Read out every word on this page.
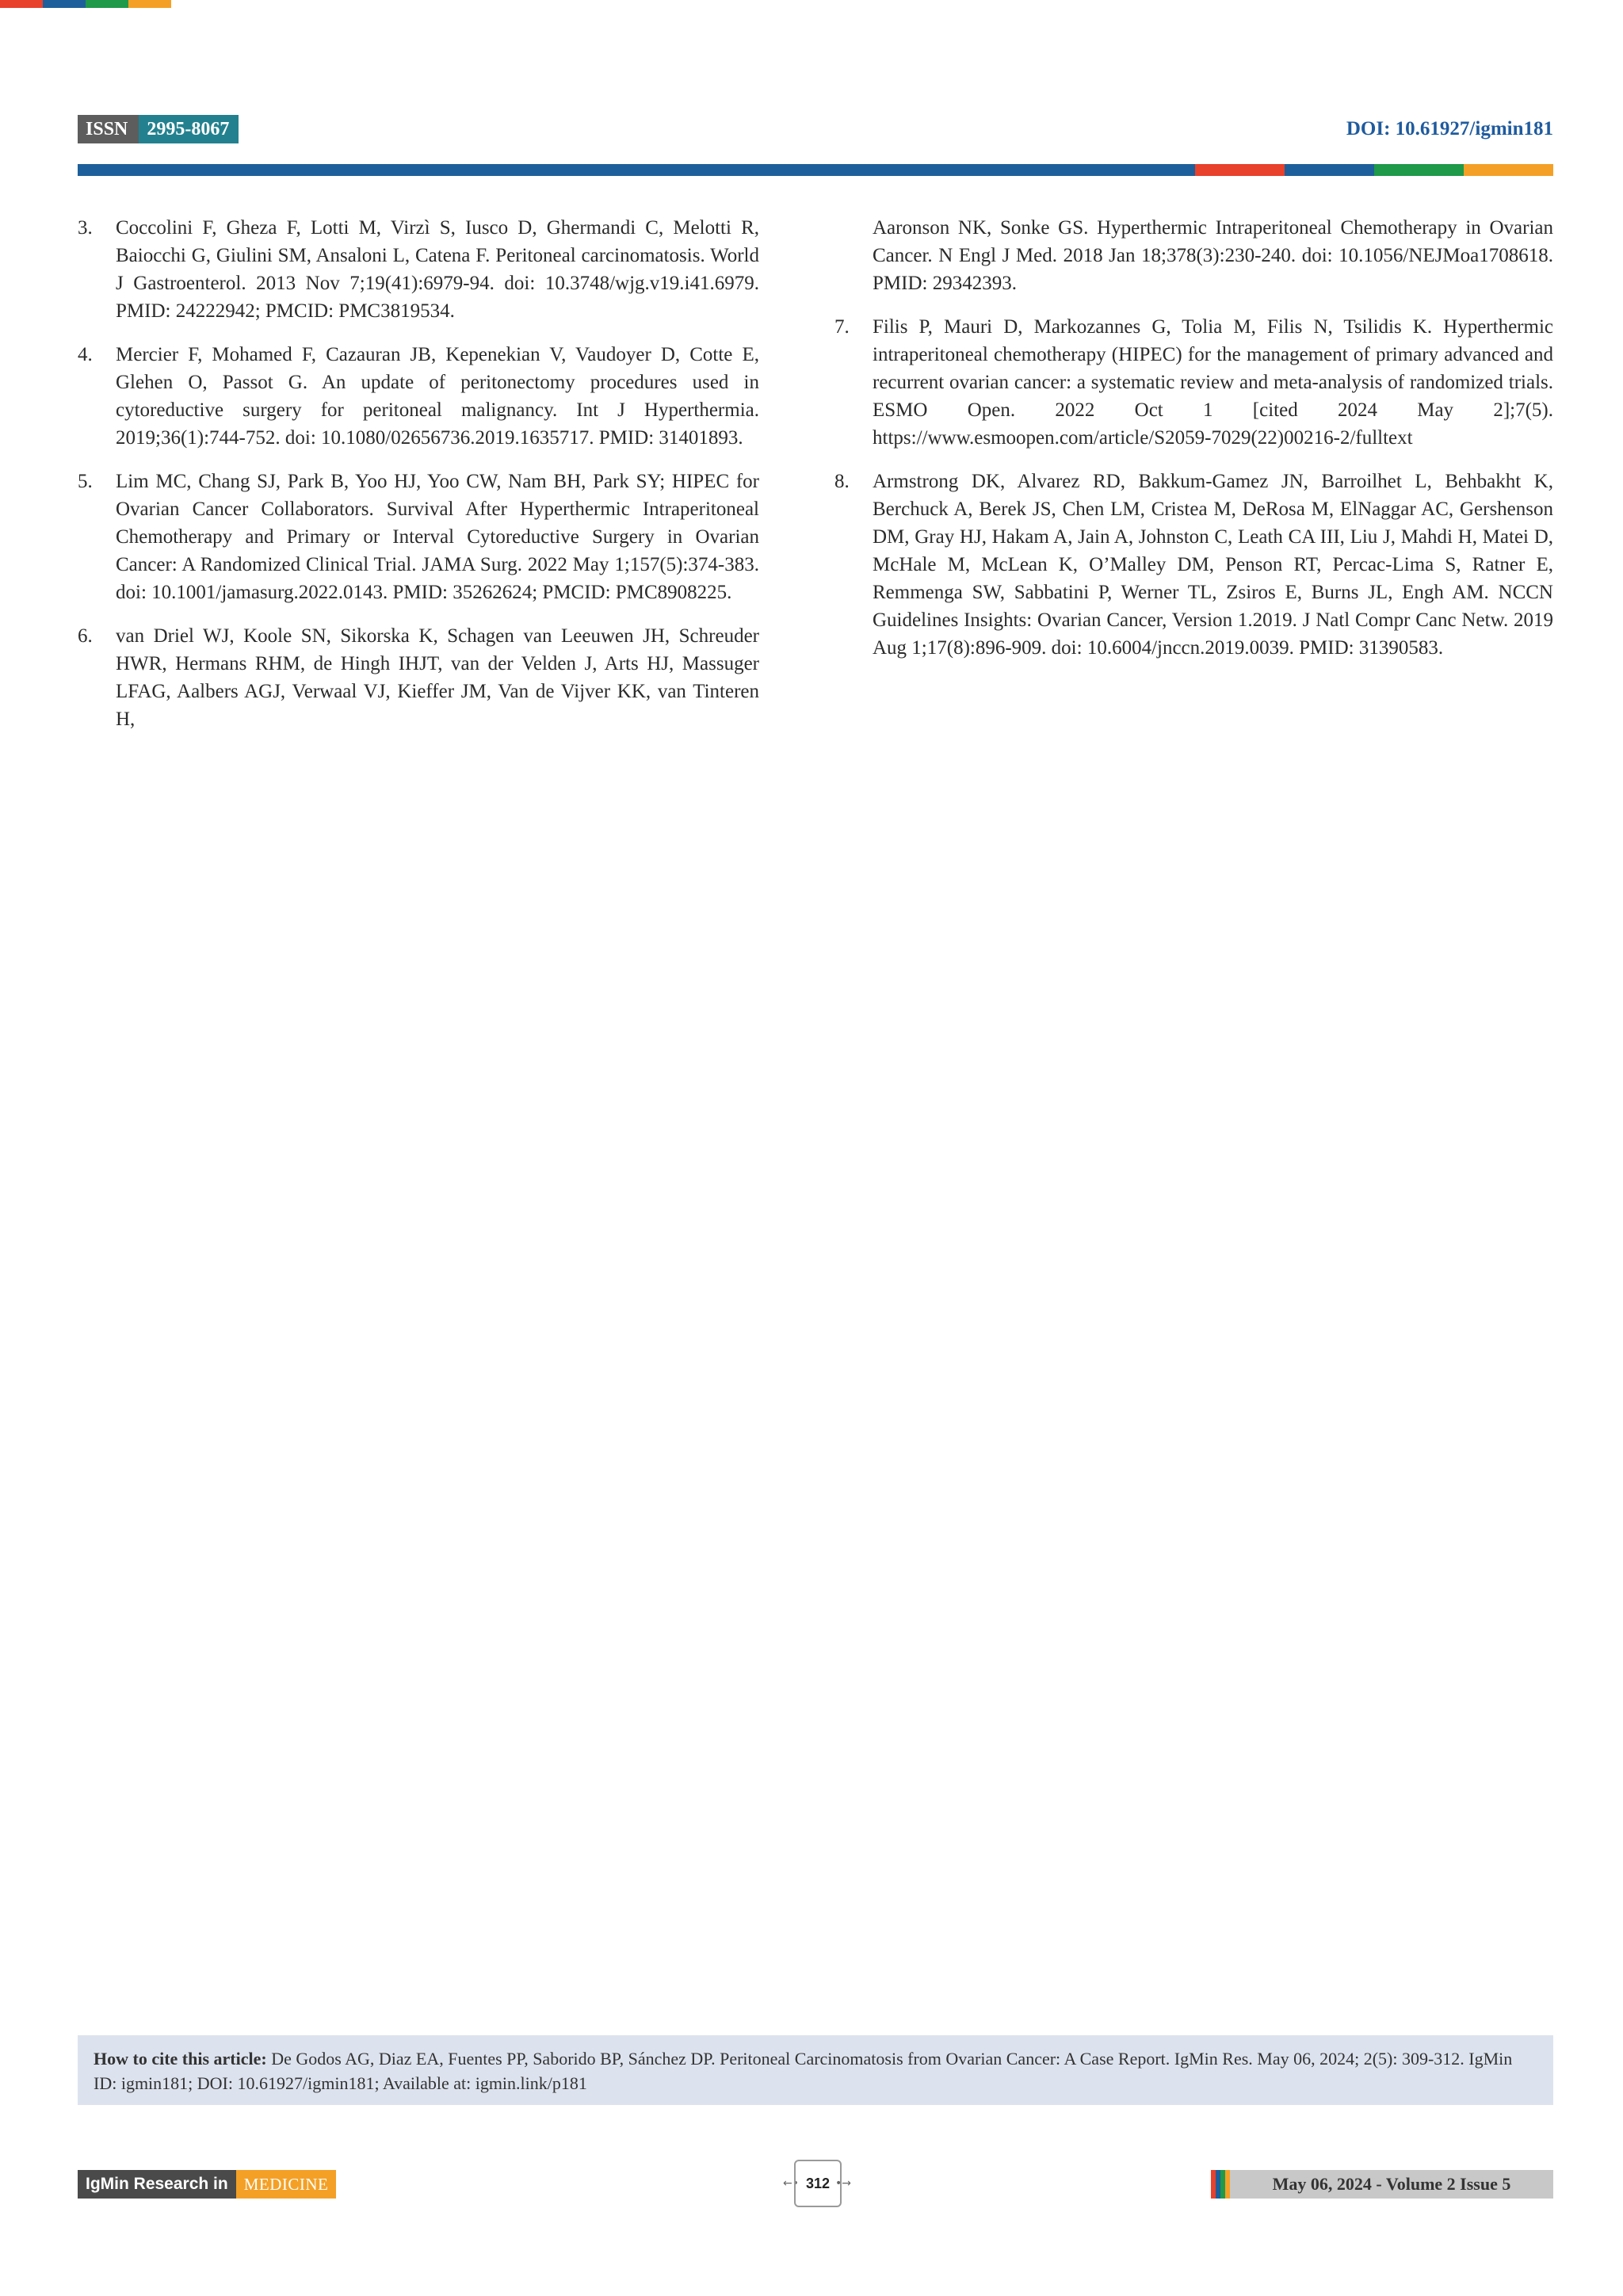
ISSN	2995-8067	DOI: 10.61927/igmin181
3.	Coccolini F, Gheza F, Lotti M, Virzì S, Iusco D, Ghermandi C, Melotti R, Baiocchi G, Giulini SM, Ansaloni L, Catena F. Peritoneal carcinomatosis. World J Gastroenterol. 2013 Nov 7;19(41):6979-94. doi: 10.3748/wjg.v19.i41.6979. PMID: 24222942; PMCID: PMC3819534.
4.	Mercier F, Mohamed F, Cazauran JB, Kepenekian V, Vaudoyer D, Cotte E, Glehen O, Passot G. An update of peritonectomy procedures used in cytoreductive surgery for peritoneal malignancy. Int J Hyperthermia. 2019;36(1):744-752. doi: 10.1080/02656736.2019.1635717. PMID: 31401893.
5.	Lim MC, Chang SJ, Park B, Yoo HJ, Yoo CW, Nam BH, Park SY; HIPEC for Ovarian Cancer Collaborators. Survival After Hyperthermic Intraperitoneal Chemotherapy and Primary or Interval Cytoreductive Surgery in Ovarian Cancer: A Randomized Clinical Trial. JAMA Surg. 2022 May 1;157(5):374-383. doi: 10.1001/jamasurg.2022.0143. PMID: 35262624; PMCID: PMC8908225.
6.	van Driel WJ, Koole SN, Sikorska K, Schagen van Leeuwen JH, Schreuder HWR, Hermans RHM, de Hingh IHJT, van der Velden J, Arts HJ, Massuger LFAG, Aalbers AGJ, Verwaal VJ, Kieffer JM, Van de Vijver KK, van Tinteren H,
Aaronson NK, Sonke GS. Hyperthermic Intraperitoneal Chemotherapy in Ovarian Cancer. N Engl J Med. 2018 Jan 18;378(3):230-240. doi: 10.1056/NEJMoa1708618. PMID: 29342393.
7.	Filis P, Mauri D, Markozannes G, Tolia M, Filis N, Tsilidis K. Hyperthermic intraperitoneal chemotherapy (HIPEC) for the management of primary advanced and recurrent ovarian cancer: a systematic review and meta-analysis of randomized trials. ESMO Open. 2022 Oct 1 [cited 2024 May 2];7(5). https://www.esmoopen.com/article/S2059-7029(22)00216-2/fulltext
8.	Armstrong DK, Alvarez RD, Bakkum-Gamez JN, Barroilhet L, Behbakht K, Berchuck A, Berek JS, Chen LM, Cristea M, DeRosa M, ElNaggar AC, Gershenson DM, Gray HJ, Hakam A, Jain A, Johnston C, Leath CA III, Liu J, Mahdi H, Matei D, McHale M, McLean K, O’Malley DM, Penson RT, Percac-Lima S, Ratner E, Remmenga SW, Sabbatini P, Werner TL, Zsiros E, Burns JL, Engh AM. NCCN Guidelines Insights: Ovarian Cancer, Version 1.2019. J Natl Compr Canc Netw. 2019 Aug 1;17(8):896-909. doi: 10.6004/jnccn.2019.0039. PMID: 31390583.
How to cite this article: De Godos AG, Diaz EA, Fuentes PP, Saborido BP, Sánchez DP. Peritoneal Carcinomatosis from Ovarian Cancer: A Case Report. IgMin Res. May 06, 2024; 2(5): 309-312. IgMin ID: igmin181; DOI: 10.61927/igmin181; Available at: igmin.link/p181
IgMin Research in MEDICINE	←• 312 •→	May 06, 2024 - Volume 2 Issue 5
